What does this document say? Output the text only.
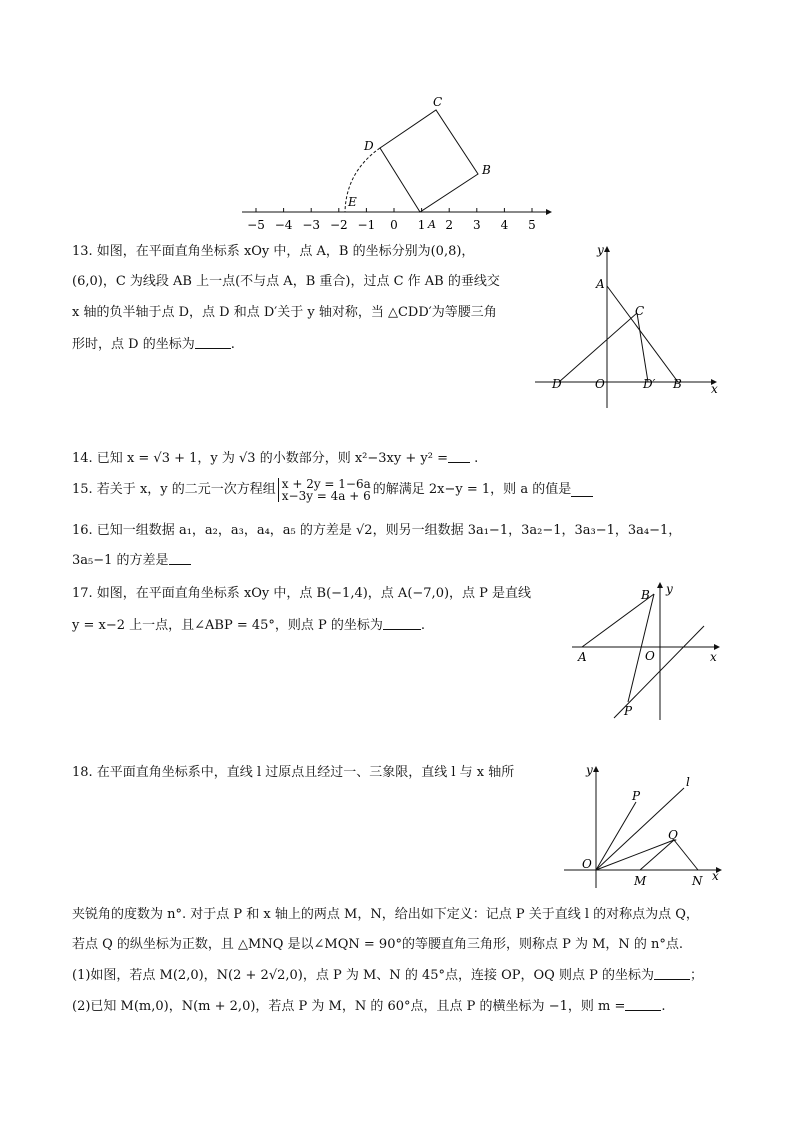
−5 −4 −3 −2 −1 0 1 2 3 4 5
C
D
B
E
A
13. 如图，在平面直角坐标系 xOy 中，点 A，B 的坐标分别为(0,8)，
(6,0)，C 为线段 AB 上一点(不与点 A，B 重合)，过点 C 作 AB 的垂线交
x 轴的负半轴于点 D，点 D 和点 D′关于 y 轴对称，当 △CDD′为等腰三角
形时，点 D 的坐标为	.
y
x
A
C
D	O	D′ B
14. 已知 x = √3 + 1，y 为 √3 的小数部分，则 x²−3xy + y² = .
15. 若关于 x，y 的二元一次方程组 x + 2y = 1−6a
x−3y = 4a + 6 的解满足 2x−y = 1，则 a 的值是
16. 已知一组数据 a₁，a₂，a₃，a₄，a₅ 的方差是 √2，则另一组数据 3a₁−1，3a₂−1，3a₃−1，3a₄−1，
3a₅−1 的方差是
17. 如图，在平面直角坐标系 xOy 中，点 B(−1,4)，点 A(−7,0)，点 P 是直线
y = x−2 上一点，且∠ABP = 45°，则点 P 的坐标为	.
B y
A	O	x
P
18. 在平面直角坐标系中，直线 l 过原点且经过一、三象限，直线 l 与 x 轴所	y
P
l
Q
O
M	N x
夹锐角的度数为 n°. 对于点 P 和 x 轴上的两点 M，N，给出如下定义：记点 P 关于直线 l 的对称点为点 Q，
若点 Q 的纵坐标为正数，且 △MNQ 是以∠MQN = 90°的等腰直角三角形，则称点 P 为 M，N 的 n°点.
(1)如图，若点 M(2,0)，N(2 + 2√2,0)，点 P 为 M、N 的 45°点，连接 OP，OQ 则点 P 的坐标为	；
(2)已知 M(m,0)，N(m + 2,0)，若点 P 为 M，N 的 60°点，且点 P 的横坐标为 −1，则 m =	.
